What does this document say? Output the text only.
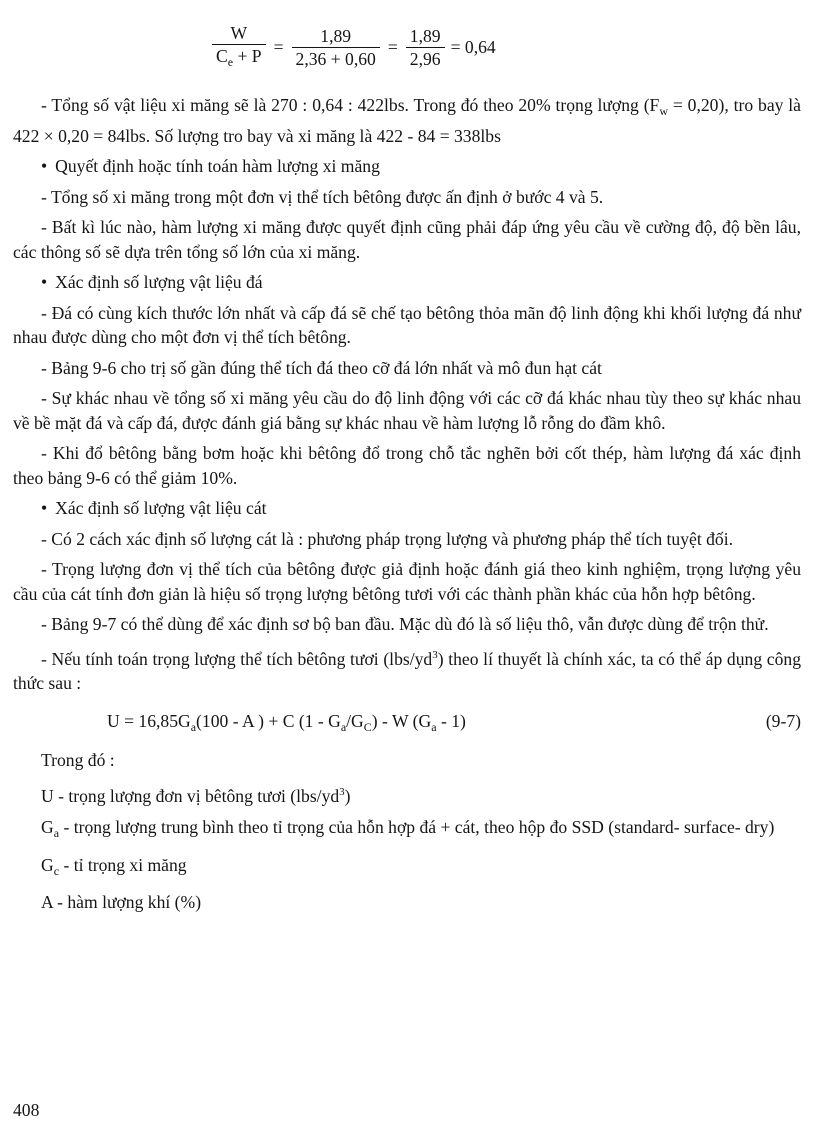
$\frac{W}{C_e + P} = \frac{1,89}{2,36 + 0,60} = \frac{1,89}{2,96} = 0,64$

- Tổng số vật liệu xi măng sẽ là 270 : 0,64 : 422lbs. Trong đó theo 20% trọng lượng $(F_w = 0,20)$, tro bay là 422 × 0,20 = 84lbs. Số lượng tro bay và xi măng là 422 - 84 = 338lbs

• Quyết định hoặc tính toán hàm lượng xi măng

- Tổng số xi măng trong một đơn vị thể tích bêtông được ấn định ở bước 4 và 5.

- Bất kì lúc nào, hàm lượng xi măng được quyết định cũng phải đáp ứng yêu cầu về cường độ, độ bền lâu, các thông số sẽ dựa trên tổng số lớn của xi măng.

• Xác định số lượng vật liệu đá

- Đá có cùng kích thước lớn nhất và cấp đá sẽ chế tạo bêtông thỏa mãn độ linh động khi khối lượng đá như nhau được dùng cho một đơn vị thể tích bêtông.

- Bảng 9-6 cho trị số gần đúng thể tích đá theo cỡ đá lớn nhất và mô đun hạt cát

- Sự khác nhau về tổng số xi măng yêu cầu do độ linh động với các cỡ đá khác nhau tùy theo sự khác nhau về bề mặt đá và cấp đá, được đánh giá bằng sự khác nhau về hàm lượng lỗ rỗng do đầm khô.

- Khi đổ bêtông bằng bơm hoặc khi bêtông đổ trong chỗ tắc nghẽn bởi cốt thép, hàm lượng đá xác định theo bảng 9-6 có thể giảm 10%.

• Xác định số lượng vật liệu cát

- Có 2 cách xác định số lượng cát là : phương pháp trọng lượng và phương pháp thể tích tuyệt đối.

- Trọng lượng đơn vị thể tích của bêtông được giả định hoặc đánh giá theo kinh nghiệm, trọng lượng yêu cầu của cát tính đơn giản là hiệu số trọng lượng bêtông tươi với các thành phần khác của hỗn hợp bêtông.

- Bảng 9-7 có thể dùng để xác định sơ bộ ban đầu. Mặc dù đó là số liệu thô, vẫn được dùng để trộn thử.

- Nếu tính toán trọng lượng thể tích bêtông tươi $(lbs/yd^3)$ theo lí thuyết là chính xác, ta có thể áp dụng công thức sau :

$U = 16,85G_a(100 - A$ ) + C $(1 - G_a/G_C)$ - W $(G_a - 1)$	(9-7)

Trong đó :

U - trọng lượng đơn vị bêtông tươi $(lbs/yd^3)$

$G_a$ - trọng lượng trung bình theo tỉ trọng của hỗn hợp đá + cát, theo hộp đo SSD (standard- surface- dry)

$G_c$ - tỉ trọng xi măng

A - hàm lượng khí (%)

408
